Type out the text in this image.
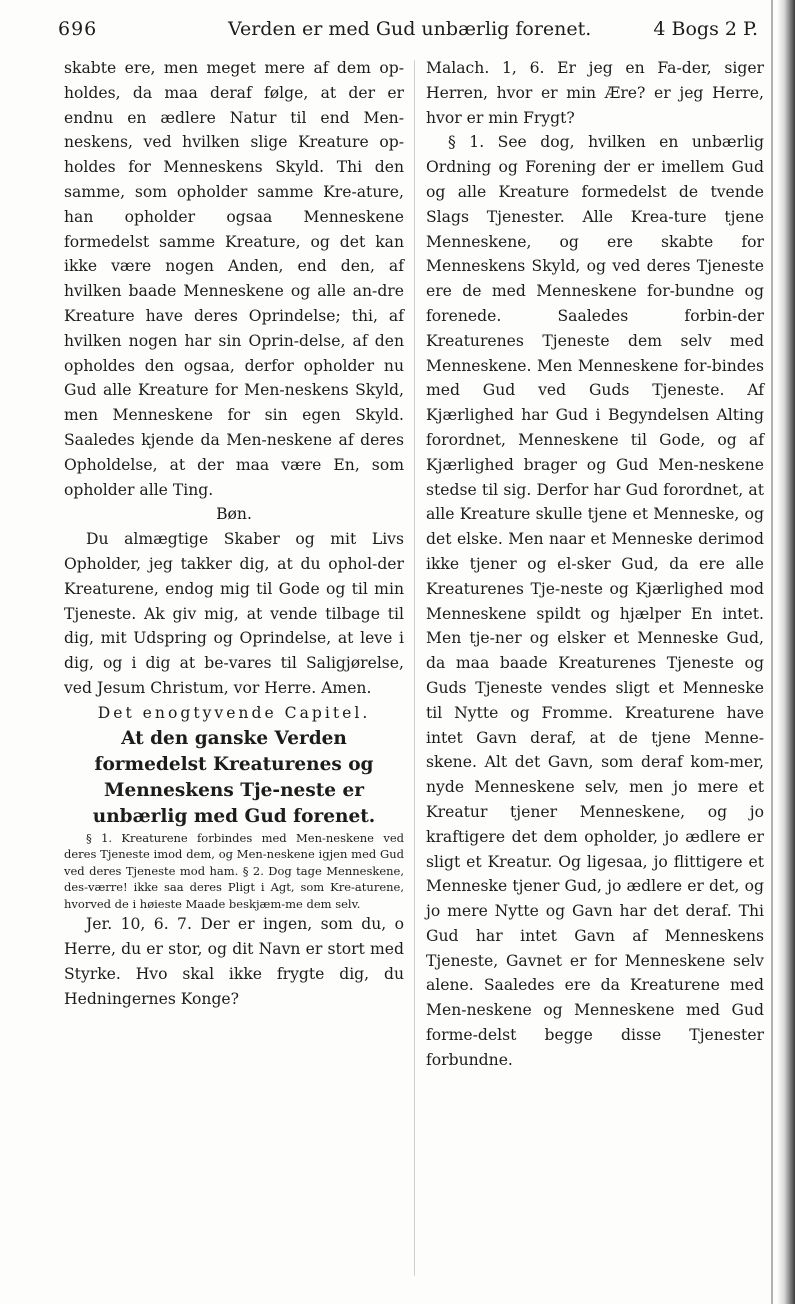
696	Verden er med Gud unbærlig forenet.	4 Bogs 2 P.

skabte ere, men meget mere af dem op-holdes, da maa deraf følge, at der er endnu en ædlere Natur til end Men-neskens, ved hvilken slige Kreature op-holdes for Menneskens Skyld. Thi den samme, som opholder samme Kre-ature, han opholder ogsaa Menneskene formedelst samme Kreature, og det kan ikke være nogen Anden, end den, af hvilken baade Menneskene og alle an-dre Kreature have deres Oprindelse; thi, af hvilken nogen har sin Oprin-delse, af den opholdes den ogsaa, derfor opholder nu Gud alle Kreature for Men-neskens Skyld, men Menneskene for sin egen Skyld. Saaledes kjende da Men-neskene af deres Opholdelse, at der maa være En, som opholder alle Ting.

Bøn.

Du almægtige Skaber og mit Livs Opholder, jeg takker dig, at du ophol-der Kreaturene, endog mig til Gode og til min Tjeneste. Ak giv mig, at vende tilbage til dig, mit Udspring og Oprindelse, at leve i dig, og i dig at be-vares til Saligjørelse, ved Jesum Christum, vor Herre. Amen.

Det enogtyvende Capitel.

At den ganske Verden formedelst Kreaturenes og Menneskens Tje-neste er unbærlig med Gud forenet.

§ 1. Kreaturene forbindes med Men-neskene ved deres Tjeneste imod dem, og Men-neskene igjen med Gud ved deres Tjeneste mod ham. § 2. Dog tage Menneskene, des-værre! ikke saa deres Pligt i Agt, som Kre-aturene, hvorved de i høieste Maade beskjæm-me dem selv.

Jer. 10, 6. 7. Der er ingen, som du, o Herre, du er stor, og dit Navn er stort med Styrke. Hvo skal ikke frygte dig, du Hedningernes Konge?

Malach. 1, 6. Er jeg en Fa-der, siger Herren, hvor er min Ære? er jeg Herre, hvor er min Frygt?

§ 1. See dog, hvilken en unbærlig Ordning og Forening der er imellem Gud og alle Kreature formedelst de tvende Slags Tjenester. Alle Krea-ture tjene Menneskene, og ere skabte for Menneskens Skyld, og ved deres Tjeneste ere de med Menneskene for-bundne og forenede. Saaledes forbin-der Kreaturenes Tjeneste dem selv med Menneskene. Men Menneskene for-bindes med Gud ved Guds Tjeneste. Af Kjærlighed har Gud i Begyndelsen Alting forordnet, Menneskene til Gode, og af Kjærlighed brager og Gud Men-neskene stedse til sig. Derfor har Gud forordnet, at alle Kreature skulle tjene et Menneske, og det elske. Men naar et Menneske derimod ikke tjener og el-sker Gud, da ere alle Kreaturenes Tje-neste og Kjærlighed mod Menneskene spildt og hjælper En intet. Men tje-ner og elsker et Menneske Gud, da maa baade Kreaturenes Tjeneste og Guds Tjeneste vendes sligt et Menneske til Nytte og Fromme. Kreaturene have intet Gavn deraf, at de tjene Menne-skene. Alt det Gavn, som deraf kom-mer, nyde Menneskene selv, men jo mere et Kreatur tjener Menneskene, og jo kraftigere det dem opholder, jo ædlere er sligt et Kreatur. Og ligesaa, jo flittigere et Menneske tjener Gud, jo ædlere er det, og jo mere Nytte og Gavn har det deraf. Thi Gud har intet Gavn af Menneskens Tjeneste, Gavnet er for Menneskene selv alene. Saaledes ere da Kreaturene med Men-neskene og Menneskene med Gud forme-delst begge disse Tjenester forbundne.
